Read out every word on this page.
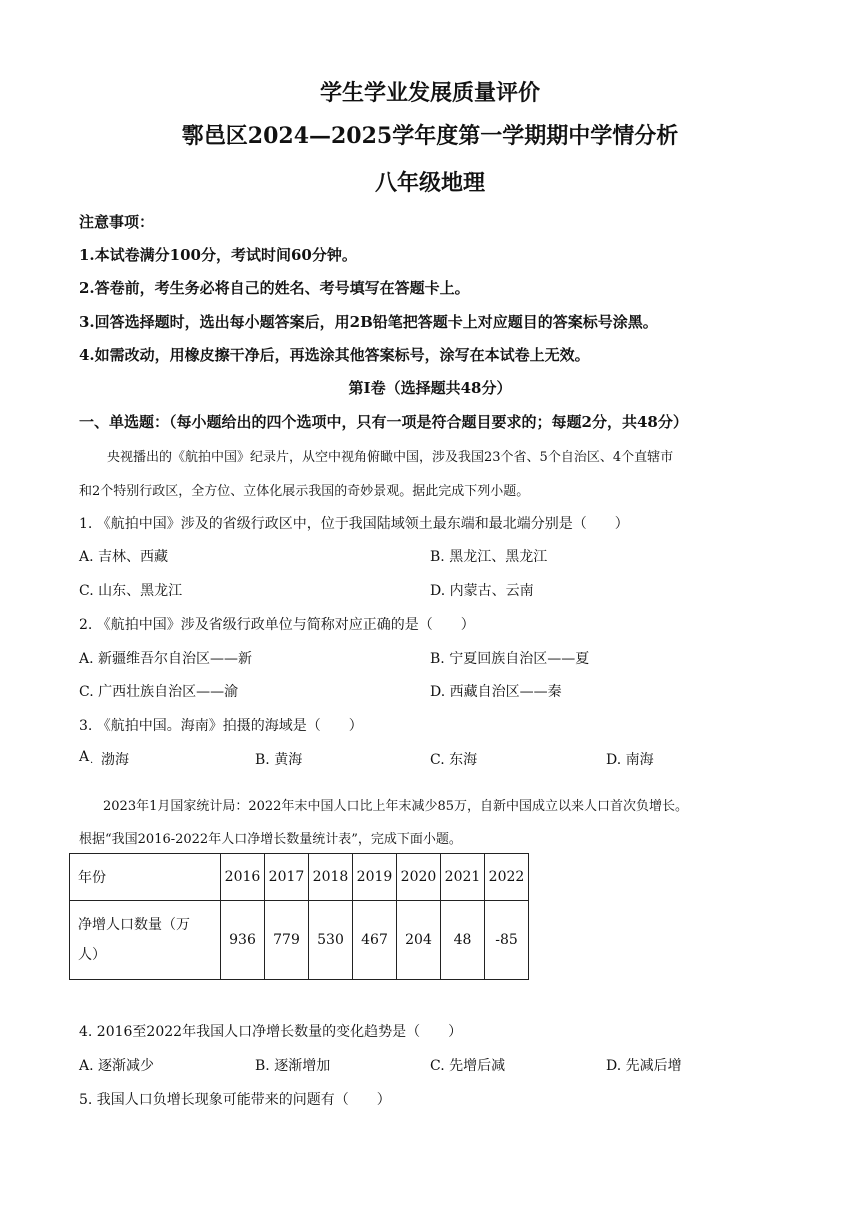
学生学业发展质量评价
鄠邑区2024—2025学年度第一学期期中学情分析
八年级地理
注意事项：
1.本试卷满分100分，考试时间60分钟。
2.答卷前，考生务必将自己的姓名、考号填写在答题卡上。
3.回答选择题时，选出每小题答案后，用2B铅笔把答题卡上对应题目的答案标号涂黑。
4.如需改动，用橡皮擦干净后，再选涂其他答案标号，涂写在本试卷上无效。
第Ⅰ卷（选择题共48分）
一、单选题：（每小题给出的四个选项中，只有一项是符合题目要求的；每题2分，共48分）
央视播出的《航拍中国》纪录片，从空中视角俯瞰中国，涉及我国23个省、5个自治区、4个直辖市
和2个特别行政区，全方位、立体化展示我国的奇妙景观。据此完成下列小题。
1. 《航拍中国》涉及的省级行政区中，位于我国陆域领土最东端和最北端分别是（　　）
A. 吉林、西藏	B. 黑龙江、黑龙江
C. 山东、黑龙江	D. 内蒙古、云南
2. 《航拍中国》涉及省级行政单位与简称对应正确的是（　　）
A. 新疆维吾尔自治区——新	B. 宁夏回族自治区——夏
C. 广西壮族自治区——渝	D. 西藏自治区——秦
3. 《航拍中国。海南》拍摄的海域是（　　）
A · 渤海	B. 黄海	C. 东海	D. 南海
2023年1月国家统计局：2022年末中国人口比上年末减少85万，自新中国成立以来人口首次负增长。
根据“我国2016-2022年人口净增长数量统计表”，完成下面小题。
年份	2016	2017	2018	2019	2020	2021	2022

净增人口数量（万
人）	936	779	530	467	204	48	-85
4. 2016至2022年我国人口净增长数量的变化趋势是（　　）
A. 逐渐减少	B. 逐渐增加	C. 先增后减	D. 先减后增
5. 我国人口负增长现象可能带来的问题有（　　）
